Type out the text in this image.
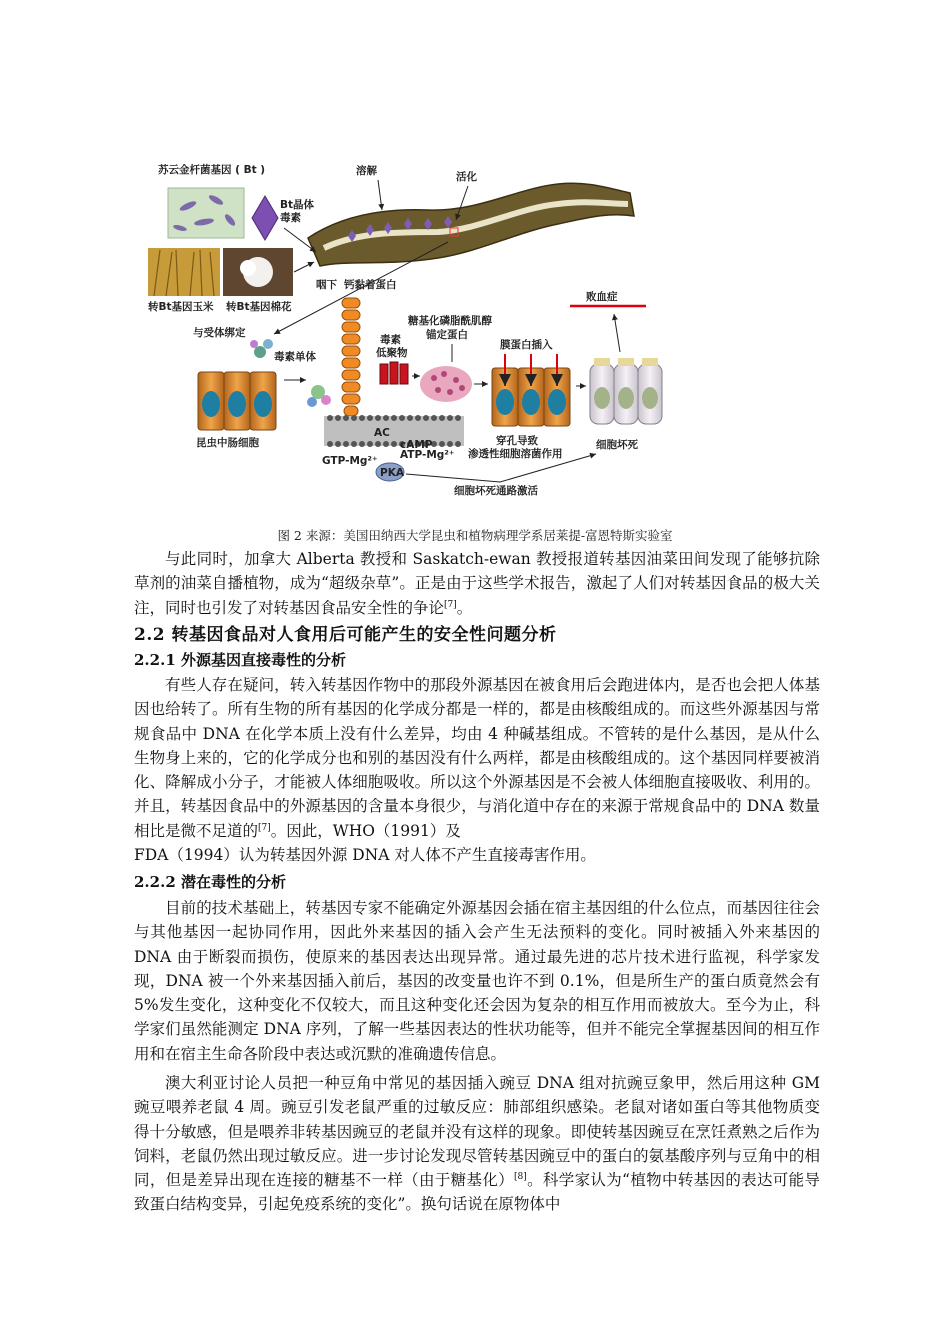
苏云金杆菌基因 ( Bt )
Bt晶体
毒素
转Bt基因玉米 转Bt基因棉花
溶解	活化
咽下
与受体绑定
毒素单体
昆虫中肠细胞
钙黏着蛋白
AC
GTP-Mg²⁺ ATP-Mg²⁺
cAMP
PKA
毒素
低聚物
糖基化磷脂酰肌醇
锚定蛋白
膜蛋白插入
穿孔导致
渗透性细胞溶菌作用
细胞坏死
败血症
细胞坏死通路激活
图 2 来源：美国田纳西大学昆虫和植物病理学系居莱提-富恩特斯实验室

与此同时，加拿大 Alberta 教授和 Saskatch-ewan 教授报道转基因油菜田间发现了能够抗除草剂的油菜自播植物，成为“超级杂草”。正是由于这些学术报告，激起了人们对转基因食品的极大关注，同时也引发了对转基因食品安全性的争论[7]。

2.2 转基因食品对人食用后可能产生的安全性问题分析
2.2.1 外源基因直接毒性的分析

有些人存在疑问，转入转基因作物中的那段外源基因在被食用后会跑进体内，是否也会把人体基因也给转了。所有生物的所有基因的化学成分都是一样的，都是由核酸组成的。而这些外源基因与常规食品中 DNA 在化学本质上没有什么差异，均由 4 种碱基组成。不管转的是什么基因，是从什么生物身上来的，它的化学成分也和别的基因没有什么两样，都是由核酸组成的。这个基因同样要被消化、降解成小分子，才能被人体细胞吸收。所以这个外源基因是不会被人体细胞直接吸收、利用的。并且，转基因食品中的外源基因的含量本身很少，与消化道中存在的来源于常规食品中的 DNA 数量相比是微不足道的[7]。因此，WHO（1991）及

FDA（1994）认为转基因外源 DNA 对人体不产生直接毒害作用。

2.2.2 潜在毒性的分析

目前的技术基础上，转基因专家不能确定外源基因会插在宿主基因组的什么位点，而基因往往会与其他基因一起协同作用，因此外来基因的插入会产生无法预料的变化。同时被插入外来基因的 DNA 由于断裂而损伤，使原来的基因表达出现异常。通过最先进的芯片技术进行监视，科学家发现，DNA 被一个外来基因插入前后，基因的改变量也许不到 0.1%，但是所生产的蛋白质竟然会有 5%发生变化，这种变化不仅较大，而且这种变化还会因为复杂的相互作用而被放大。至今为止，科学家们虽然能测定 DNA 序列，了解一些基因表达的性状功能等，但并不能完全掌握基因间的相互作用和在宿主生命各阶段中表达或沉默的准确遗传信息。

澳大利亚讨论人员把一种豆角中常见的基因插入豌豆 DNA 组对抗豌豆象甲，然后用这种 GM 豌豆喂养老鼠 4 周。豌豆引发老鼠严重的过敏反应：肺部组织感染。老鼠对诸如蛋白等其他物质变得十分敏感，但是喂养非转基因豌豆的老鼠并没有这样的现象。即使转基因豌豆在烹饪煮熟之后作为饲料，老鼠仍然出现过敏反应。进一步讨论发现尽管转基因豌豆中的蛋白的氨基酸序列与豆角中的相同，但是差异出现在连接的糖基不一样（由于糖基化）[8]。科学家认为“植物中转基因的表达可能导致蛋白结构变异，引起免疫系统的变化”。换句话说在原物体中
